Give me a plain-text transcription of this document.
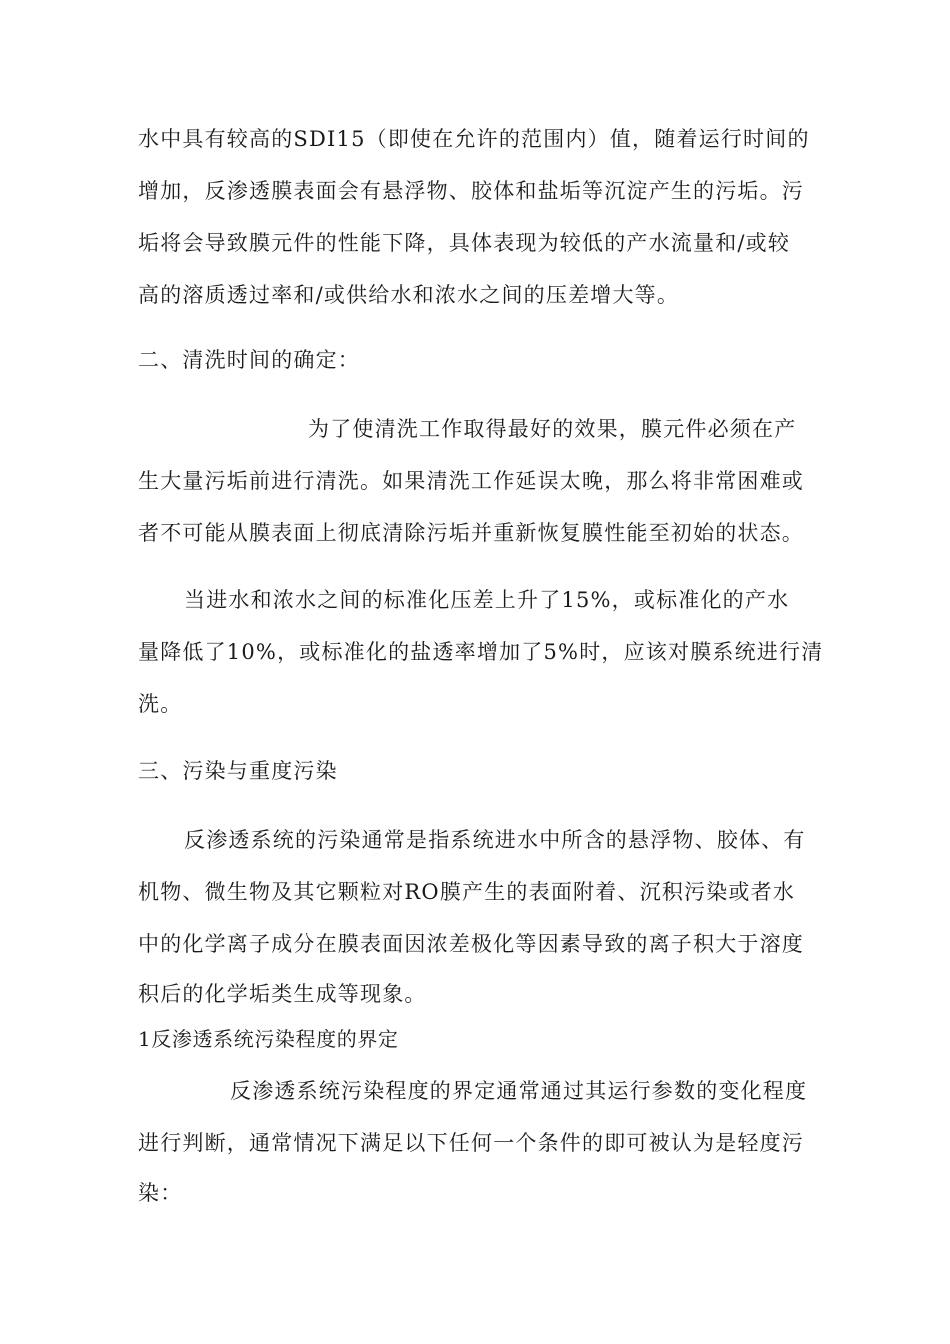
水中具有较高的SDI15（即使在允许的范围内）值，随着运行时间的
增加，反渗透膜表面会有悬浮物、胶体和盐垢等沉淀产生的污垢。污
垢将会导致膜元件的性能下降，具体表现为较低的产水流量和/或较
高的溶质透过率和/或供给水和浓水之间的压差增大等。
二、清洗时间的确定：
为了使清洗工作取得最好的效果，膜元件必须在产
生大量污垢前进行清洗。如果清洗工作延误太晚，那么将非常困难或
者不可能从膜表面上彻底清除污垢并重新恢复膜性能至初始的状态。
当进水和浓水之间的标准化压差上升了15%，或标准化的产水
量降低了10%，或标准化的盐透率增加了5%时，应该对膜系统进行清
洗。
三、污染与重度污染
反渗透系统的污染通常是指系统进水中所含的悬浮物、胶体、有
机物、微生物及其它颗粒对RO膜产生的表面附着、沉积污染或者水
中的化学离子成分在膜表面因浓差极化等因素导致的离子积大于溶度
积后的化学垢类生成等现象。
1反渗透系统污染程度的界定
反渗透系统污染程度的界定通常通过其运行参数的变化程度
进行判断，通常情况下满足以下任何一个条件的即可被认为是轻度污
染：
